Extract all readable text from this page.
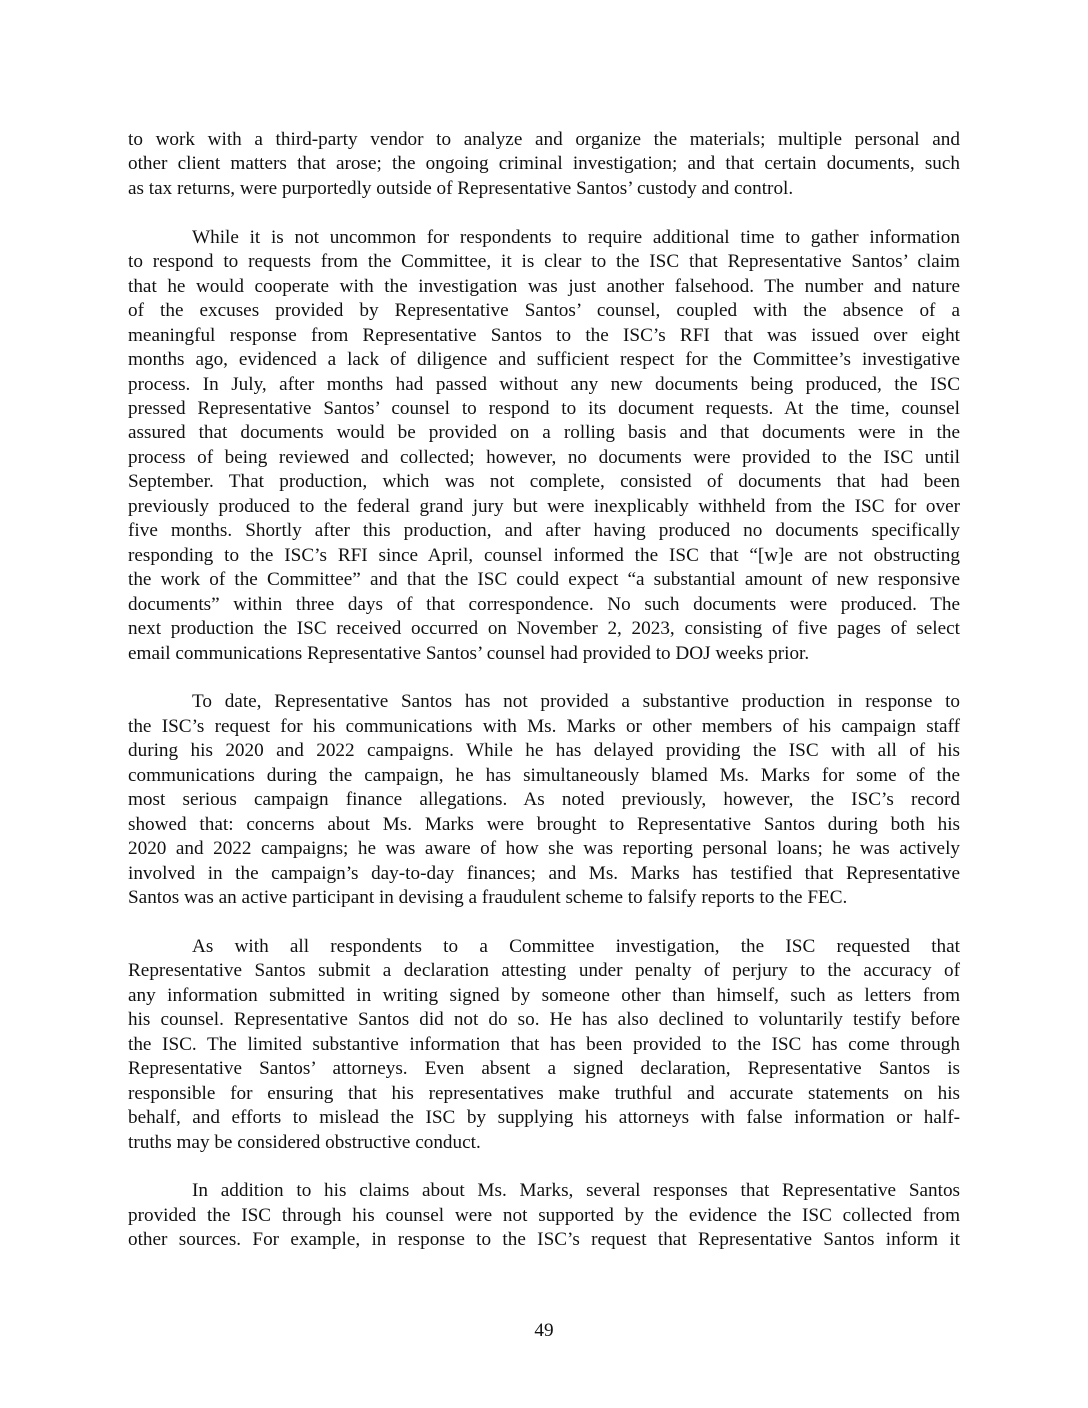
to work with a third-party vendor to analyze and organize the materials; multiple personal and
other client matters that arose; the ongoing criminal investigation; and that certain documents, such
as tax returns, were purportedly outside of Representative Santos’ custody and control.
While it is not uncommon for respondents to require additional time to gather information
to respond to requests from the Committee, it is clear to the ISC that Representative Santos’ claim
that he would cooperate with the investigation was just another falsehood. The number and nature
of the excuses provided by Representative Santos’ counsel, coupled with the absence of a
meaningful response from Representative Santos to the ISC’s RFI that was issued over eight
months ago, evidenced a lack of diligence and sufficient respect for the Committee’s investigative
process. In July, after months had passed without any new documents being produced, the ISC
pressed Representative Santos’ counsel to respond to its document requests. At the time, counsel
assured that documents would be provided on a rolling basis and that documents were in the
process of being reviewed and collected; however, no documents were provided to the ISC until
September. That production, which was not complete, consisted of documents that had been
previously produced to the federal grand jury but were inexplicably withheld from the ISC for over
five months. Shortly after this production, and after having produced no documents specifically
responding to the ISC’s RFI since April, counsel informed the ISC that “[w]e are not obstructing
the work of the Committee” and that the ISC could expect “a substantial amount of new responsive
documents” within three days of that correspondence. No such documents were produced. The
next production the ISC received occurred on November 2, 2023, consisting of five pages of select
email communications Representative Santos’ counsel had provided to DOJ weeks prior.
To date, Representative Santos has not provided a substantive production in response to
the ISC’s request for his communications with Ms. Marks or other members of his campaign staff
during his 2020 and 2022 campaigns. While he has delayed providing the ISC with all of his
communications during the campaign, he has simultaneously blamed Ms. Marks for some of the
most serious campaign finance allegations. As noted previously, however, the ISC’s record
showed that: concerns about Ms. Marks were brought to Representative Santos during both his
2020 and 2022 campaigns; he was aware of how she was reporting personal loans; he was actively
involved in the campaign’s day-to-day finances; and Ms. Marks has testified that Representative
Santos was an active participant in devising a fraudulent scheme to falsify reports to the FEC.
As with all respondents to a Committee investigation, the ISC requested that
Representative Santos submit a declaration attesting under penalty of perjury to the accuracy of
any information submitted in writing signed by someone other than himself, such as letters from
his counsel. Representative Santos did not do so. He has also declined to voluntarily testify before
the ISC. The limited substantive information that has been provided to the ISC has come through
Representative Santos’ attorneys. Even absent a signed declaration, Representative Santos is
responsible for ensuring that his representatives make truthful and accurate statements on his
behalf, and efforts to mislead the ISC by supplying his attorneys with false information or half-
truths may be considered obstructive conduct.
In addition to his claims about Ms. Marks, several responses that Representative Santos
provided the ISC through his counsel were not supported by the evidence the ISC collected from
other sources. For example, in response to the ISC’s request that Representative Santos inform it
49
